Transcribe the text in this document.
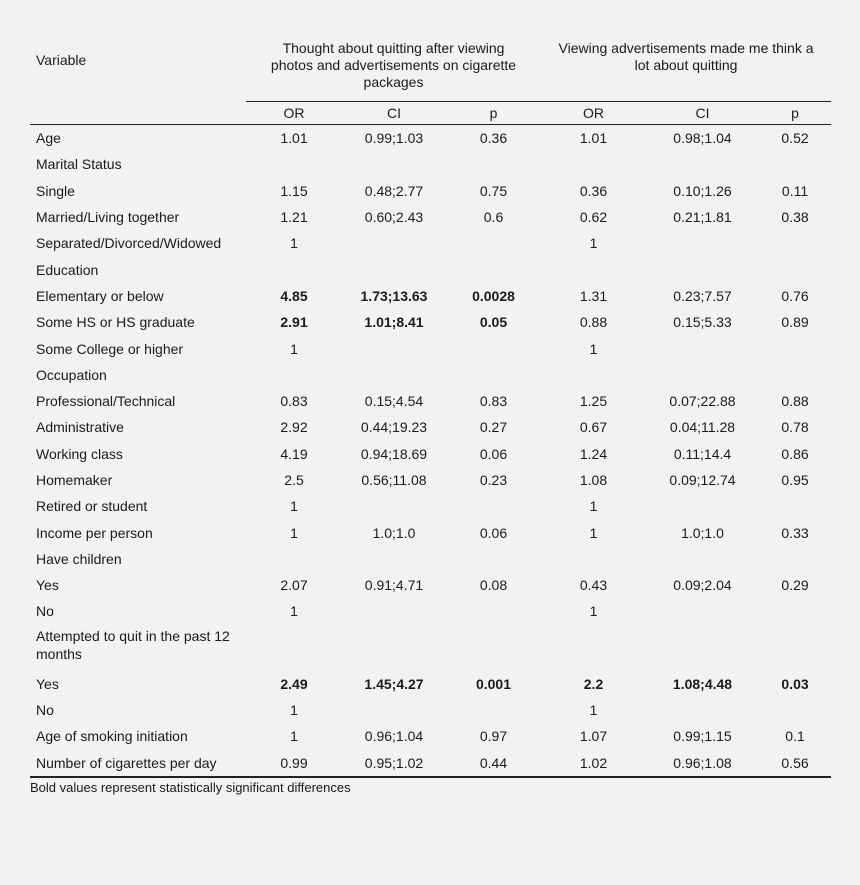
Variable	Thought about quitting after viewing
photos and advertisements on cigarette
packages			Viewing advertisements made me think a
lot about quitting		

	OR	CI	p	OR	CI	p
Age	1.01	0.99;1.03	0.36	1.01	0.98;1.04	0.52
Marital Status						
Single	1.15	0.48;2.77	0.75	0.36	0.10;1.26	0.11
Married/Living together	1.21	0.60;2.43	0.6	0.62	0.21;1.81	0.38
Separated/Divorced/Widowed	1			1		
Education						
Elementary or below	4.85	1.73;13.63	0.0028	1.31	0.23;7.57	0.76
Some HS or HS graduate	2.91	1.01;8.41	0.05	0.88	0.15;5.33	0.89
Some College or higher	1			1		
Occupation						
Professional/Technical	0.83	0.15;4.54	0.83	1.25	0.07;22.88	0.88
Administrative	2.92	0.44;19.23	0.27	0.67	0.04;11.28	0.78
Working class	4.19	0.94;18.69	0.06	1.24	0.11;14.4	0.86
Homemaker	2.5	0.56;11.08	0.23	1.08	0.09;12.74	0.95
Retired or student	1			1		
Income per person	1	1.0;1.0	0.06	1	1.0;1.0	0.33
Have children						
Yes	2.07	0.91;4.71	0.08	0.43	0.09;2.04	0.29
No	1			1		
Attempted to quit in the past 12 months						
Yes	2.49	1.45;4.27	0.001	2.2	1.08;4.48	0.03
No	1			1		
Age of smoking initiation	1	0.96;1.04	0.97	1.07	0.99;1.15	0.1
Number of cigarettes per day	0.99	0.95;1.02	0.44	1.02	0.96;1.08	0.56
Bold values represent statistically significant differences
